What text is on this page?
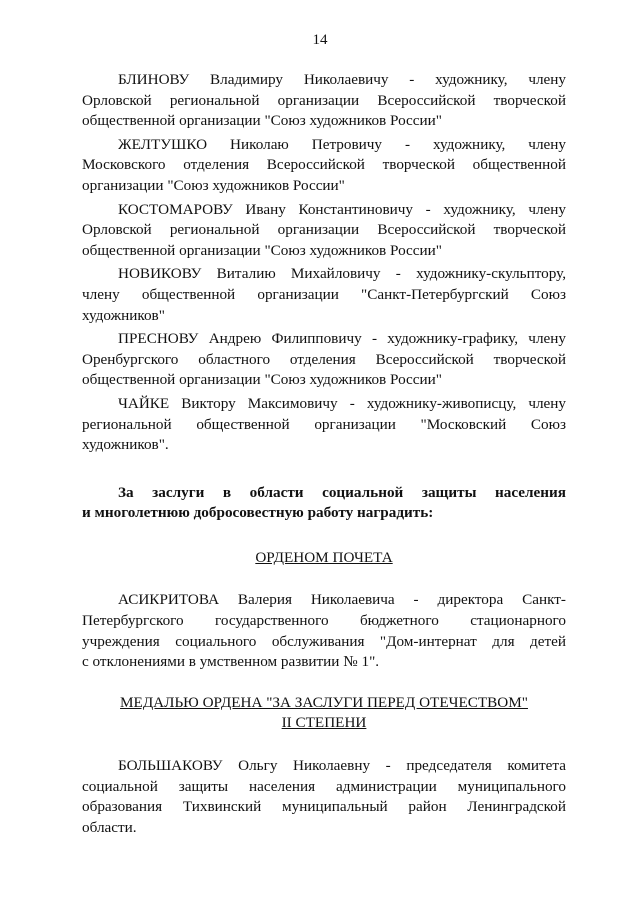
14
БЛИНОВУ Владимиру Николаевичу - художнику, члену
Орловской региональной организации Всероссийской творческой
общественной организации "Союз художников России"
ЖЕЛТУШКО Николаю Петровичу - художнику, члену
Московского отделения Всероссийской творческой общественной
организации "Союз художников России"
КОСТОМАРОВУ Ивану Константиновичу - художнику, члену
Орловской региональной организации Всероссийской творческой
общественной организации "Союз художников России"
НОВИКОВУ Виталию Михайловичу - художнику-скульптору,
члену общественной организации "Санкт-Петербургский Союз
художников"
ПРЕСНОВУ Андрею Филипповичу - художнику-графику, члену
Оренбургского областного отделения Всероссийской творческой
общественной организации "Союз художников России"
ЧАЙКЕ Виктору Максимовичу - художнику-живописцу, члену
региональной общественной организации "Московский Союз
художников".
За заслуги в области социальной защиты населения
и многолетнюю добросовестную работу наградить:
ОРДЕНОМ ПОЧЕТА
АСИКРИТОВА Валерия Николаевича - директора Санкт-
Петербургского государственного бюджетного стационарного
учреждения социального обслуживания "Дом-интернат для детей
с отклонениями в умственном развитии № 1".
МЕДАЛЬЮ ОРДЕНА "ЗА ЗАСЛУГИ ПЕРЕД ОТЕЧЕСТВОМ"
II СТЕПЕНИ
БОЛЬШАКОВУ Ольгу Николаевну - председателя комитета
социальной защиты населения администрации муниципального
образования Тихвинский муниципальный район Ленинградской
области.
